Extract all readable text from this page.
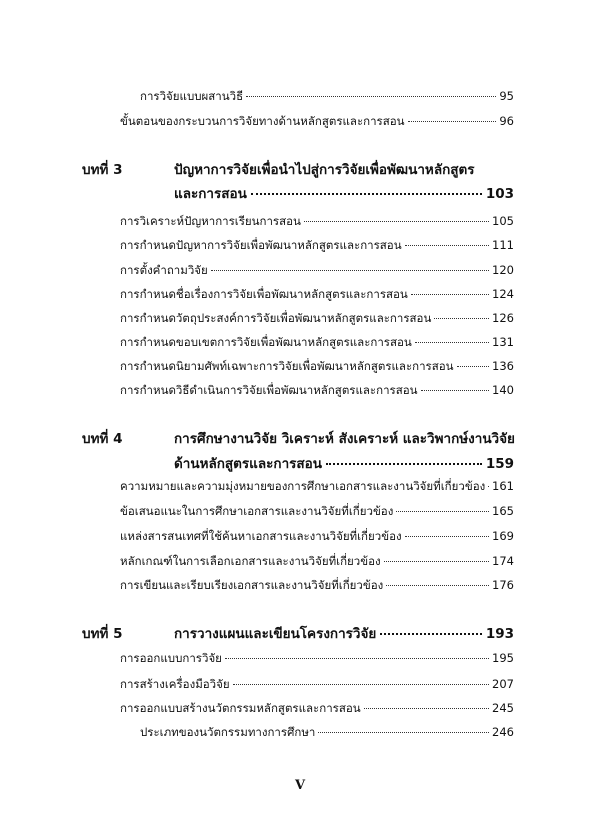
การวิจัยแบบผสานวิธี	95
ขั้นตอนของกระบวนการวิจัยทางด้านหลักสูตรและการสอน	96
บทที่ 3	ปัญหาการวิจัยเพื่อนำไปสู่การวิจัยเพื่อพัฒนาหลักสูตร
และการสอน	103
การวิเคราะห์ปัญหาการเรียนการสอน	105
การกำหนดปัญหาการวิจัยเพื่อพัฒนาหลักสูตรและการสอน	111
การตั้งคำถามวิจัย	120
การกำหนดชื่อเรื่องการวิจัยเพื่อพัฒนาหลักสูตรและการสอน	124
การกำหนดวัตถุประสงค์การวิจัยเพื่อพัฒนาหลักสูตรและการสอน	126
การกำหนดขอบเขตการวิจัยเพื่อพัฒนาหลักสูตรและการสอน	131
การกำหนดนิยามศัพท์เฉพาะการวิจัยเพื่อพัฒนาหลักสูตรและการสอน	136
การกำหนดวิธีดำเนินการวิจัยเพื่อพัฒนาหลักสูตรและการสอน	140
บทที่ 4	การศึกษางานวิจัย วิเคราะห์ สังเคราะห์ และวิพากษ์งานวิจัย
ด้านหลักสูตรและการสอน	159
ความหมายและความมุ่งหมายของการศึกษาเอกสารและงานวิจัยที่เกี่ยวข้อง 161
ข้อเสนอแนะในการศึกษาเอกสารและงานวิจัยที่เกี่ยวข้อง	165
แหล่งสารสนเทศที่ใช้ค้นหาเอกสารและงานวิจัยที่เกี่ยวข้อง	169
หลักเกณฑ์ในการเลือกเอกสารและงานวิจัยที่เกี่ยวข้อง	174
การเขียนและเรียบเรียงเอกสารและงานวิจัยที่เกี่ยวข้อง	176
บทที่ 5	การวางแผนและเขียนโครงการวิจัย	193
การออกแบบการวิจัย	195
การสร้างเครื่องมือวิจัย	207
การออกแบบสร้างนวัตกรรมหลักสูตรและการสอน	245
ประเภทของนวัตกรรมทางการศึกษา	246
V
